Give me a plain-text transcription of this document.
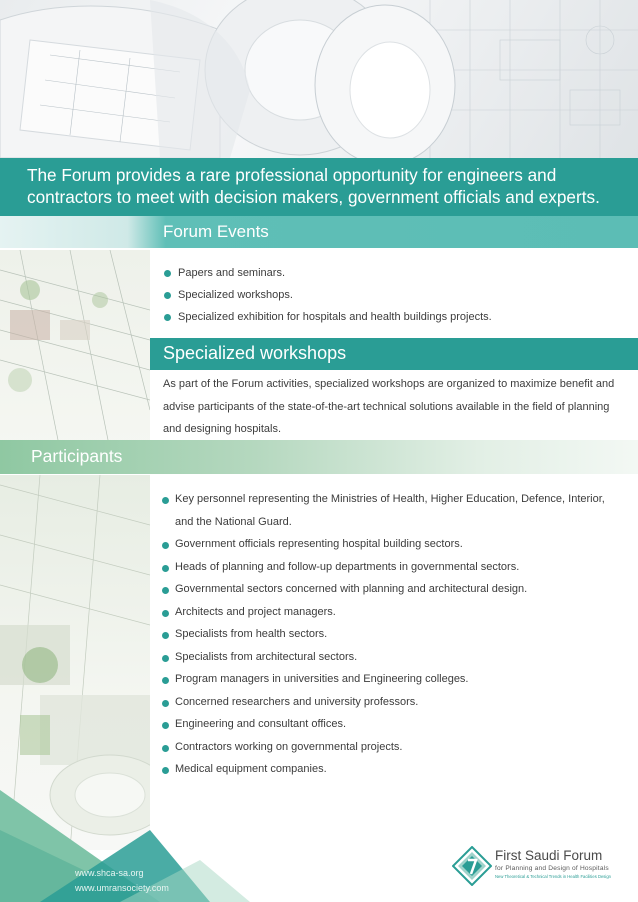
The Forum provides a rare professional opportunity for engineers and contractors to meet with decision makers, government officials and experts.
Forum Events
Papers and seminars.
Specialized workshops.
Specialized exhibition for hospitals and health buildings projects.
Specialized workshops

As part of the Forum activities, specialized workshops are organized to maximize benefit and advise participants of the state-of-the-art technical solutions available in the field of planning and designing hospitals.

Participants
Key personnel representing the Ministries of Health, Higher Education, Defence, Interior, and the National Guard.
Government officials representing hospital building sectors.
Heads of planning and follow-up departments in governmental sectors.
Governmental sectors concerned with planning and architectural design.
Architects and project managers.
Specialists from health sectors.
Specialists from architectural sectors.
Program managers in universities and Engineering colleges.
Concerned researchers and university professors.
Engineering and consultant offices.
Contractors working on governmental projects.
Medical equipment companies.
www.shca-sa.org
www.umransociety.com
First Saudi Forum
for Planning and Design of Hospitals
New Theoretical & Technical Trends in Health Facilities Design
